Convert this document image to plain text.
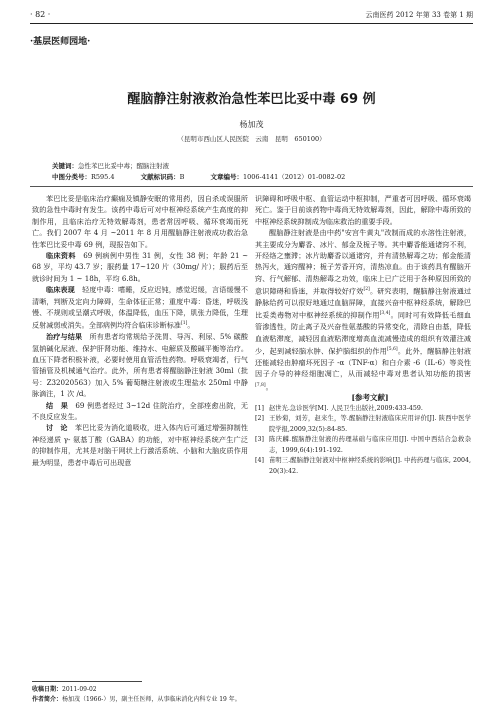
· 82 ·	云南医药 2012 年第 33 卷第 1 期
·基层医师园地·
醒脑静注射液救治急性苯巴比妥中毒 69 例
杨加茂
（昆明市西山区人民医院　云南　昆明　650100）
关键词：急性苯巴比妥中毒；醒脑注射液
中图分类号：R595.4	文献标识码：B	文章编号：1006-4141（2012）01-0082-02

苯巴比妥是临床治疗癫痫及镇静安眠的常用药，因自杀或误服所致的急性中毒时有发生。该药中毒后可对中枢神经系统产生高度的抑制作用，且临床治疗无特效解毒剂，患者常因呼吸、循环衰竭而死亡。我们 2007 年 4 月 ~2011 年 8 月用醒脑静注射液成功救治急性苯巴比妥中毒 69 例，现报告如下。

临床资料　 69 例病例中男性 31 例，女性 38 例；年龄 21 ~ 68 岁，平均 43.7 岁；服药量 17~120 片（30mg/ 片）；服药后至就诊时间为 1 ~ 18h，平均 6.8h。

临床表现　 轻度中毒：嗜睡，反应迟钝，感觉迟缓，言语缓慢不清晰，判断及定向力障碍，生命体征正常；重度中毒：昏迷，呼吸浅慢、不规则或呈潮式呼吸，体温降低，血压下降，肌张力降低，生理反射减弱或消失。全部病例均符合临床诊断标准[1]。

治疗与结果　 所有患者均常规给予洗胃、导泻、利尿、5% 碳酸氢钠碱化尿液、保护肝肾功能、维持水、电解质及酸碱平衡等治疗。血压下降者积极补液，必要时使用血管活性药物。呼吸衰竭者，行气管插管及机械通气治疗。此外，所有患者将醒脑静注射液 30ml（批号：Z32020563）加入 5% 葡萄糖注射液或生理盐水 250ml 中静脉滴注，1 次 /d。

结　果　 69 例患者经过 3~12d 住院治疗，全部痊愈出院，无不良反应发生。

讨　论　 苯巴比妥为消化道吸收，进入体内后可通过增强抑制性神经递质 γ- 氨基丁酸（GABA）的功能，对中枢神经系统产生广泛的抑制作用，尤其是对脑干网状上行激活系统、小脑和大脑皮质作用最为明显，患者中毒后可出现意

识障碍和呼吸中枢、血管运动中枢抑制，严重者可因呼吸、循环衰竭死亡。鉴于目前该药物中毒尚无特效解毒剂，因此，解除中毒所致的中枢神经系统抑制成为临床救治的重要手段。

醒脑静注射液是由中药"安宫牛黄丸"改制而成的水溶性注射液，其主要成分为麝香、冰片、郁金及栀子等。其中麝香能通诸窍不利，开经络之壅滞；冰片助麝香以通诸窍，并有清热解毒之功；郁金能清热泻火，通窍醒神；栀子芳香开窍，清热凉血。由于该药具有醒脑开窍、行气解郁、清热解毒之功效，临床上已广泛用于各种原因所致的意识障碍和昏迷，并取得较好疗效[2]。研究表明，醒脑静注射液通过静脉给药可以很好地通过血脑屏障，直接兴奋中枢神经系统，解除巴比妥类毒物对中枢神经系统的抑制作用[3,4]。同时可有效降低毛细血管渗透性，防止离子及兴奋性氨基酸的异常变化，清除自由基，降低血液粘滞度，减轻因血液粘滞度增高血流减慢造成的组织有效灌注减少，起到减轻脑水肿、保护脑组织的作用[5,6]。此外，醒脑静注射液还能减轻由肿瘤坏死因子 -α（TNF-α）和白介素 -6（IL-6）等炎性因子介导的神经细胞凋亡，从而减轻中毒对患者认知功能的损害[7,8]。

[参考文献]

[1] 赵世光.急诊医学[M]. 人民卫生出版社,2009:433-459.

[2] 王妙菊，刘芳，赵来生，等.醒脑静注射液临床应用评价[J]. 陕西中医学院学报,2009,32(5):84-85.

[3] 陈庆麟.醒脑静注射液的药理基础与临床应用[J]. 中国中西结合急救杂志，1999,6(4):191-192.

[4] 苗明三.醒脑静注射液对中枢神经系统的影响[J]. 中药药理与临床, 2004, 20(3):42.

收稿日期：2011-09-02
作者简介：杨加茂（1966-）男，副主任医师，从事临床消化内科专业 19 年。
